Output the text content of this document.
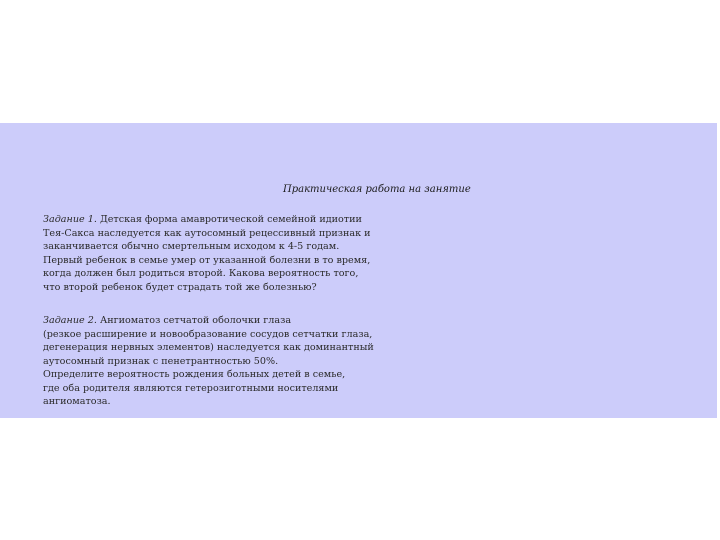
Практическая работа на занятие

Задание 1. Детская форма амавротической семейной идиотии
Тея-Сакса наследуется как аутосомный рецессивный признак и
заканчивается обычно смертельным исходом к 4-5 годам.
Первый ребенок в семье умер от указанной болезни в то время,
когда должен был родиться второй. Какова вероятность того,
что второй ребенок будет страдать той же болезнью?

Задание 2. Ангиоматоз сетчатой оболочки глаза
(резкое расширение и новообразование сосудов сетчатки глаза,
дегенерация нервных элементов) наследуется как доминантный
аутосомный признак с пенетрантностью 50%.
Определите вероятность рождения больных детей в семье,
где оба родителя являются гетерозиготными носителями
ангиоматоза.
